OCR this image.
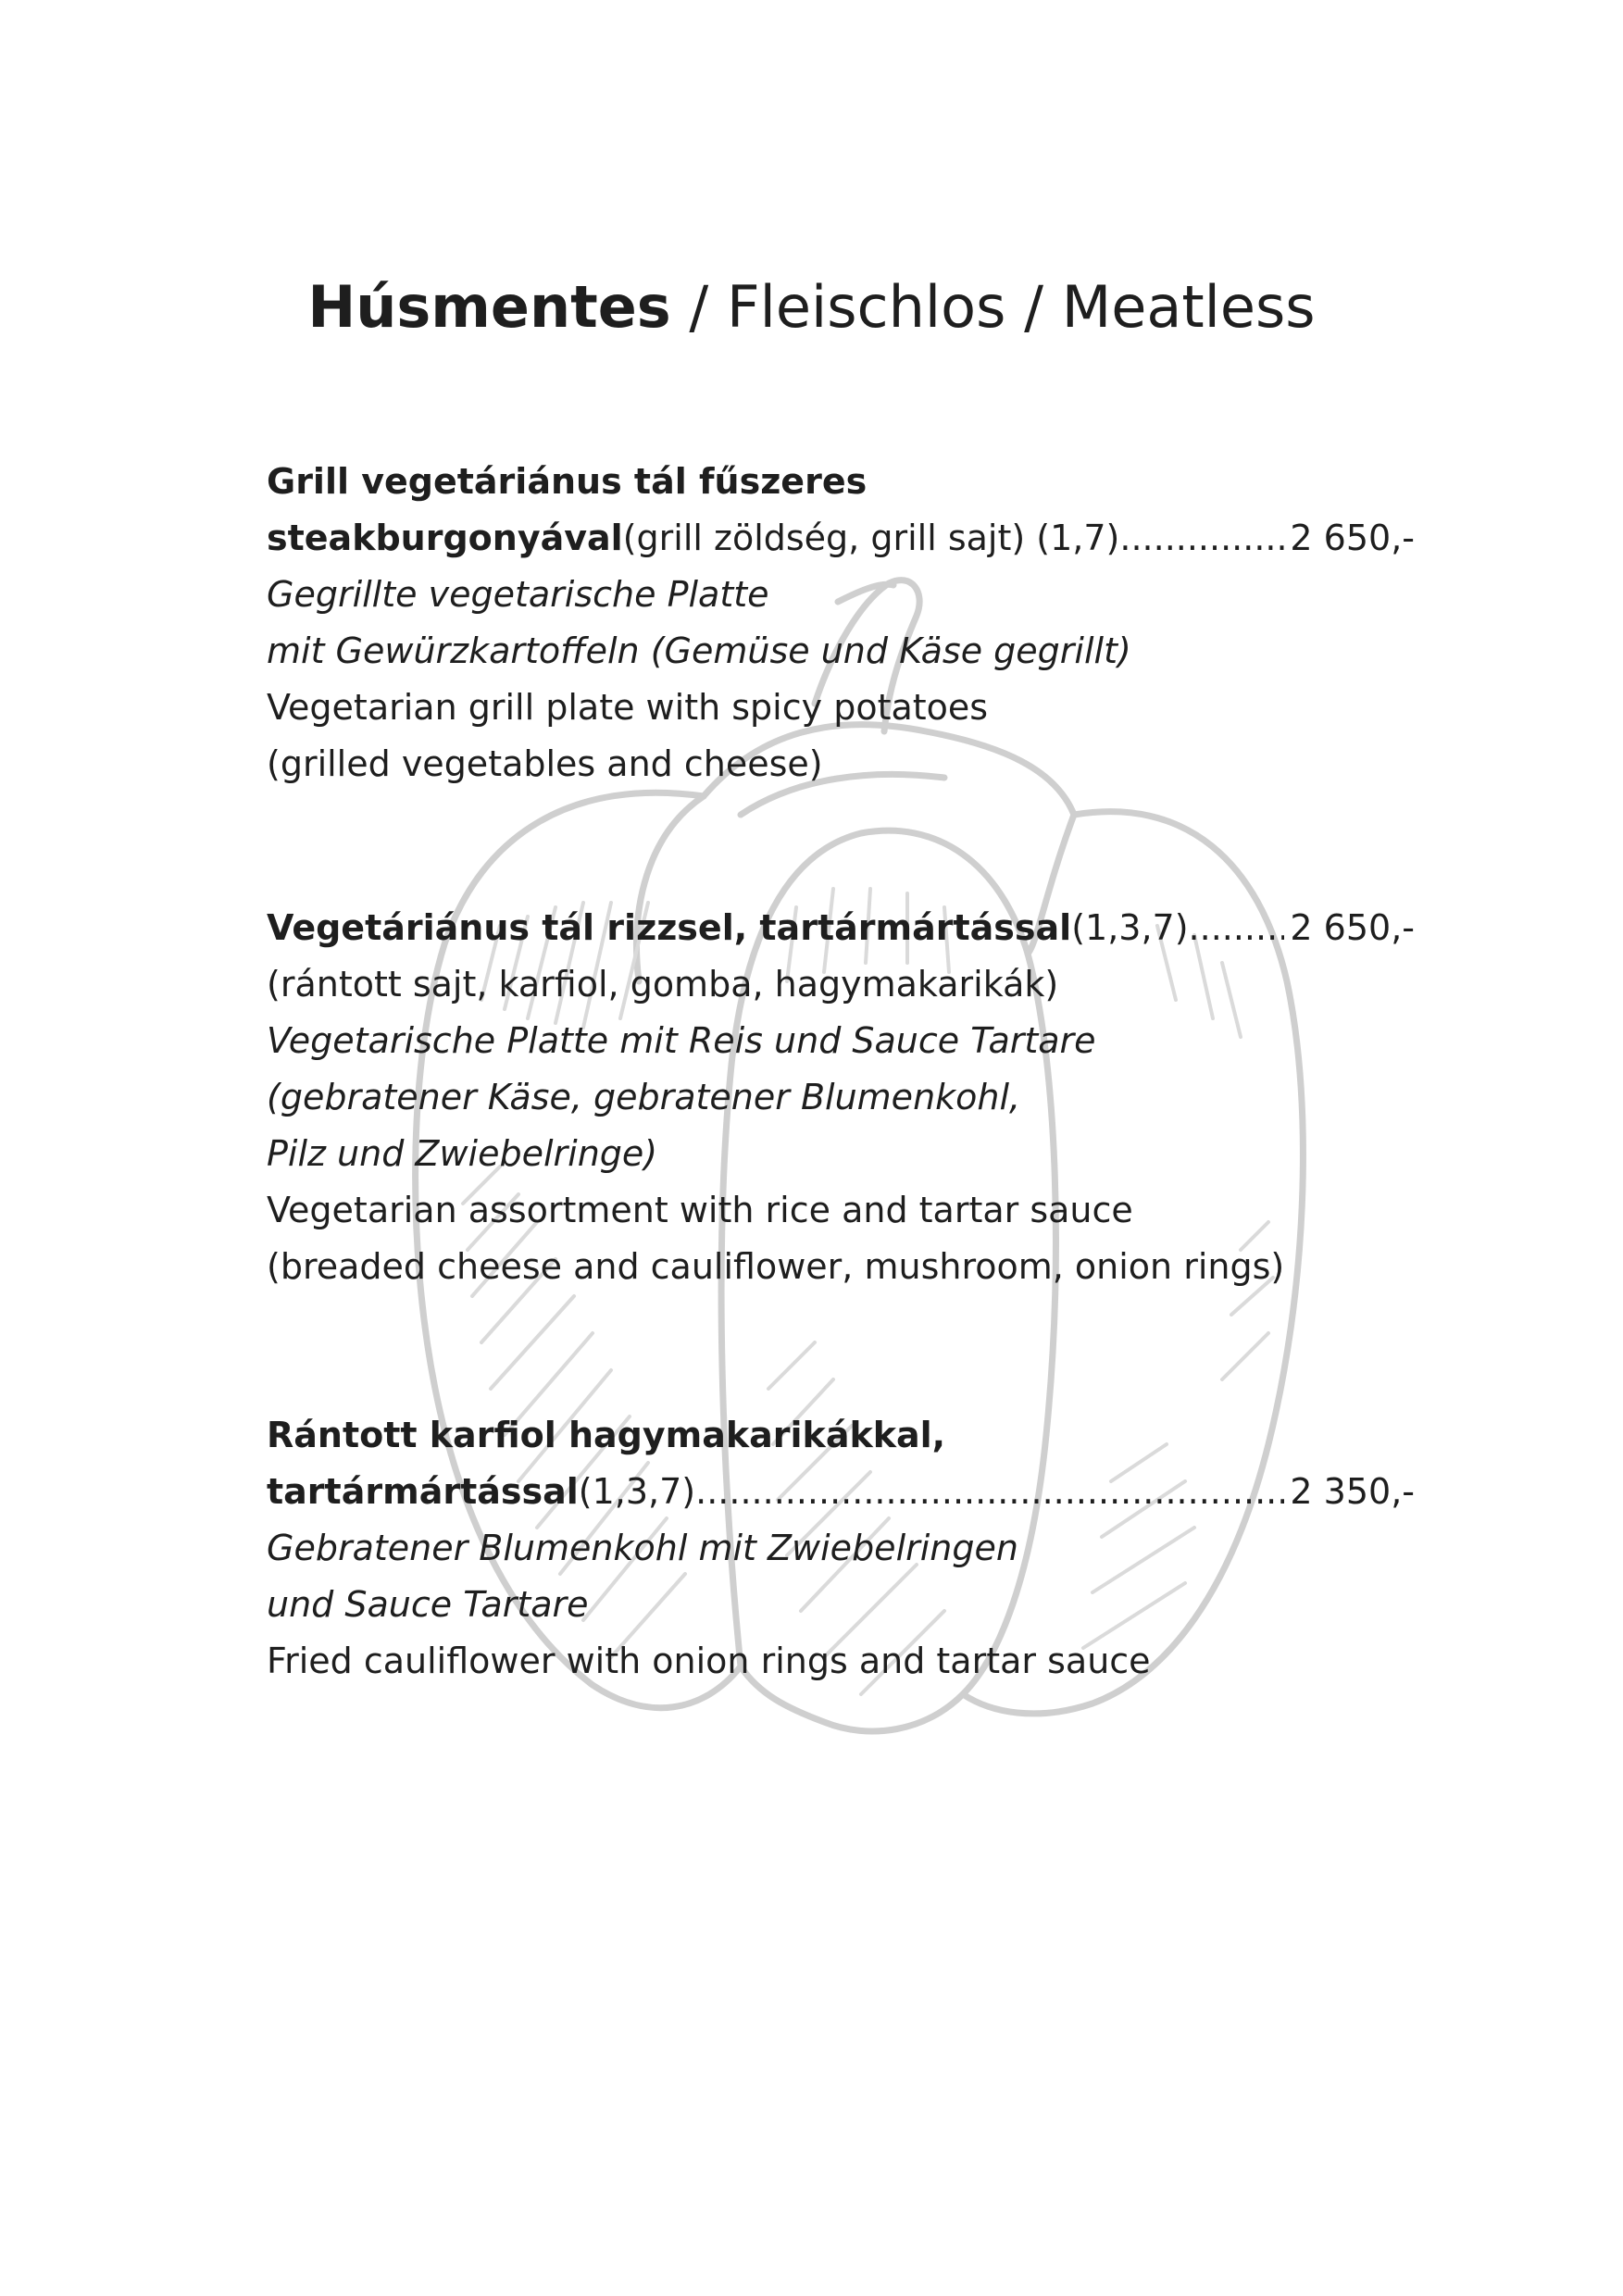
Húsmentes / Fleischlos / Meatless
Grill vegetáriánus tál fűszeres
steakburgonyával (grill zöldség, grill sajt) (1,7) .....	2 650,-
Gegrillte vegetarische Platte
mit Gewürzkartoffeln (Gemüse und Käse gegrillt)
Vegetarian grill plate with spicy potatoes
(grilled vegetables and cheese)
Vegetáriánus tál rizzsel, tartármártással (1,3,7) .....	2 650,-
(rántott sajt, karfiol, gomba, hagymakarikák)
Vegetarische Platte mit Reis und Sauce Tartare
(gebratener Käse, gebratener Blumenkohl,
Pilz und Zwiebelringe)
Vegetarian assortment with rice and tartar sauce
(breaded cheese and cauliflower, mushroom, onion rings)
Rántott karfiol hagymakarikákkal,
tartármártással (1,3,7) .....	2 350,-
Gebratener Blumenkohl mit Zwiebelringen
und Sauce Tartare
Fried cauliflower with onion rings and tartar sauce
